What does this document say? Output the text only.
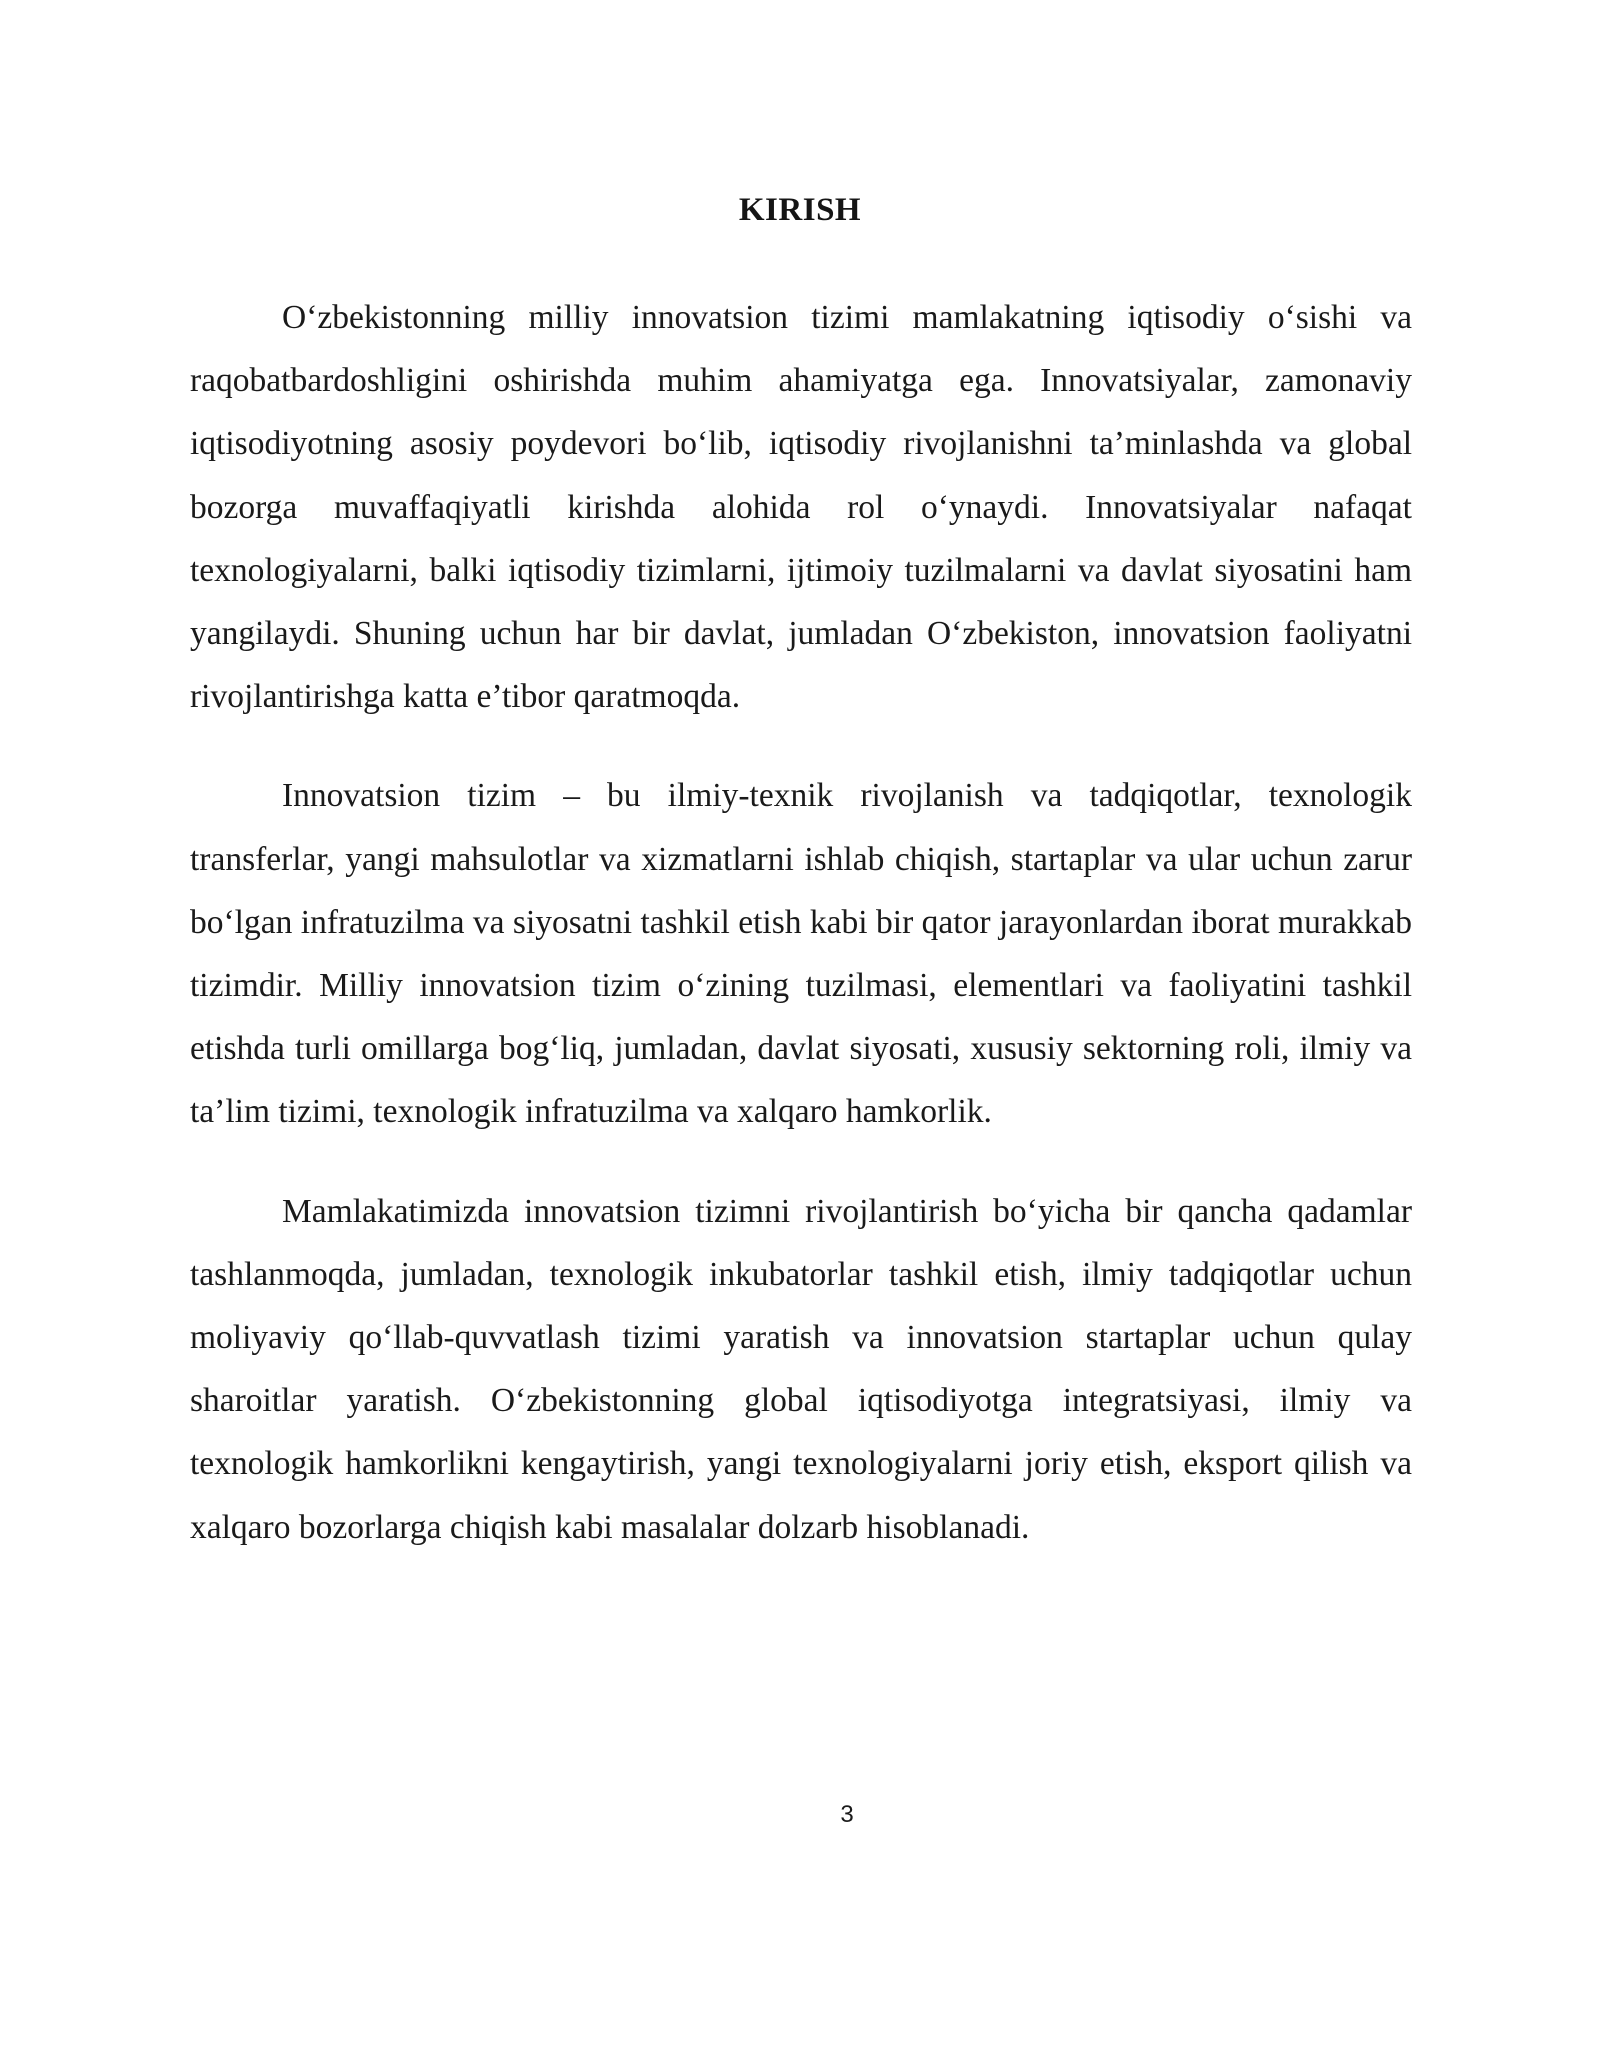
KIRISH

O‘zbekistonning milliy innovatsion tizimi mamlakatning iqtisodiy o‘sishi va raqobatbardoshligini oshirishda muhim ahamiyatga ega. Innovatsiyalar, zamonaviy iqtisodiyotning asosiy poydevori bo‘lib, iqtisodiy rivojlanishni ta’minlashda va global bozorga muvaffaqiyatli kirishda alohida rol o‘ynaydi. Innovatsiyalar nafaqat texnologiyalarni, balki iqtisodiy tizimlarni, ijtimoiy tuzilmalarni va davlat siyosatini ham yangilaydi. Shuning uchun har bir davlat, jumladan O‘zbekiston, innovatsion faoliyatni rivojlantirishga katta e’tibor qaratmoqda.

Innovatsion tizim – bu ilmiy-texnik rivojlanish va tadqiqotlar, texnologik transferlar, yangi mahsulotlar va xizmatlarni ishlab chiqish, startaplar va ular uchun zarur bo‘lgan infratuzilma va siyosatni tashkil etish kabi bir qator jarayonlardan iborat murakkab tizimdir. Milliy innovatsion tizim o‘zining tuzilmasi, elementlari va faoliyatini tashkil etishda turli omillarga bog‘liq, jumladan, davlat siyosati, xususiy sektorning roli, ilmiy va ta’lim tizimi, texnologik infratuzilma va xalqaro hamkorlik.

Mamlakatimizda innovatsion tizimni rivojlantirish bo‘yicha bir qancha qadamlar tashlanmoqda, jumladan, texnologik inkubatorlar tashkil etish, ilmiy tadqiqotlar uchun moliyaviy qo‘llab-quvvatlash tizimi yaratish va innovatsion startaplar uchun qulay sharoitlar yaratish. O‘zbekistonning global iqtisodiyotga integratsiyasi, ilmiy va texnologik hamkorlikni kengaytirish, yangi texnologiyalarni joriy etish, eksport qilish va xalqaro bozorlarga chiqish kabi masalalar dolzarb hisoblanadi.

3
